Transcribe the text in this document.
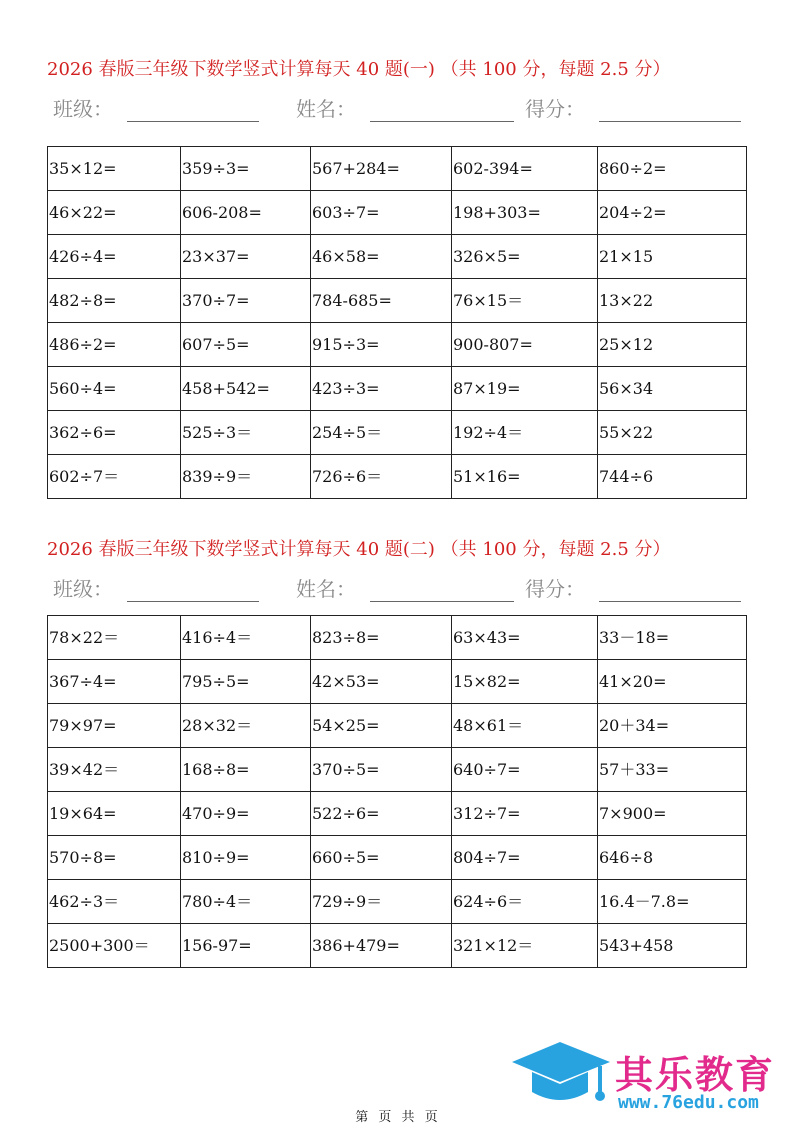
2026 春版三年级下数学竖式计算每天 40 题(一) （共 100 分，每题 2.5 分）
班级：	姓名：	得分：
35×12=	359÷3=	567+284=	602-394=	860÷2=
46×22=	606-208=	603÷7=	198+303=	204÷2=
426÷4=	23×37=	46×58=	326×5=	21×15
482÷8=	370÷7=	784-685=	76×15＝	13×22
486÷2=	607÷5=	915÷3=	900-807=	25×12
560÷4=	458+542=	423÷3=	87×19=	56×34
362÷6=	525÷3＝	254÷5＝	192÷4＝	55×22
602÷7＝	839÷9＝	726÷6＝	51×16=	744÷6
2026 春版三年级下数学竖式计算每天 40 题(二) （共 100 分，每题 2.5 分）
班级：	姓名：	得分：
78×22＝	416÷4＝	823÷8=	63×43=	33－18=
367÷4=	795÷5=	42×53=	15×82=	41×20=
79×97=	28×32＝	54×25=	48×61＝	20＋34=
39×42＝	168÷8=	370÷5=	640÷7=	57＋33=
19×64=	470÷9=	522÷6=	312÷7=	7×900=
570÷8=	810÷9=	660÷5=	804÷7=	646÷8
462÷3＝	780÷4＝	729÷9＝	624÷6＝	16.4－7.8=
2500+300＝	156-97=	386+479=	321×12＝	543+458
其乐教育
www.76edu.com
第 页 共 页
